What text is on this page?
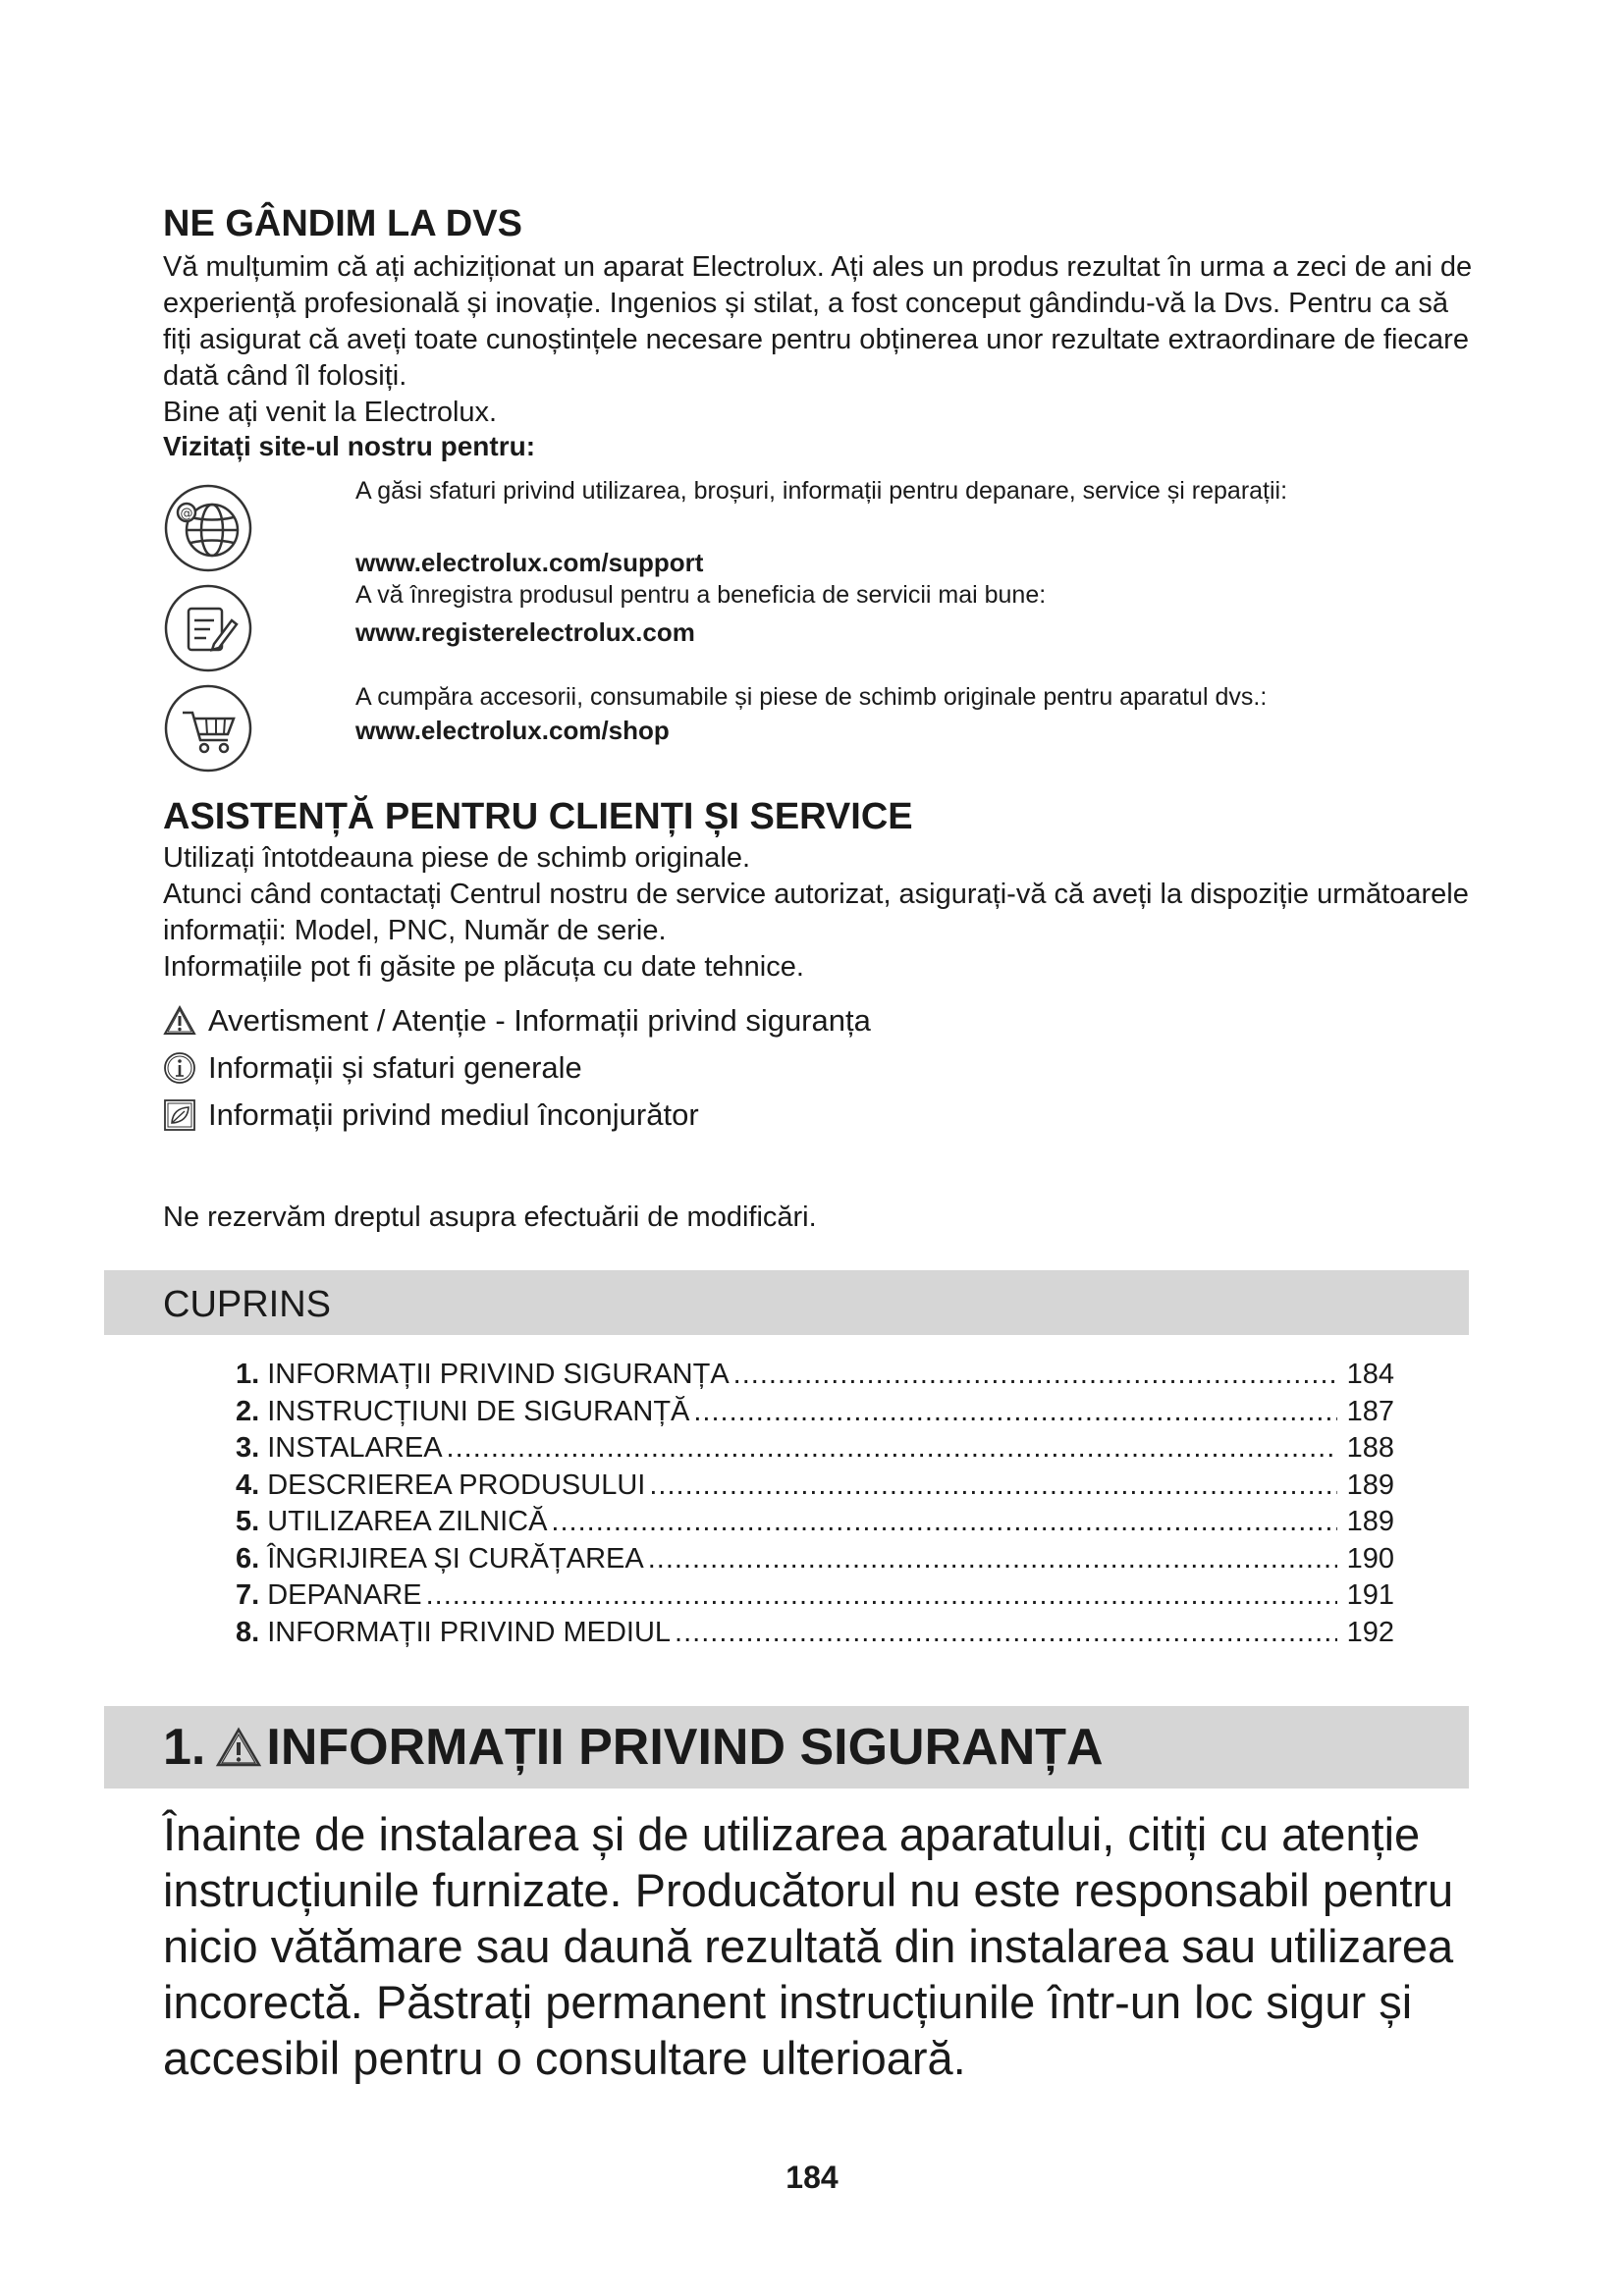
NE GÂNDIM LA DVS

Vă mulțumim că ați achiziționat un aparat Electrolux. Ați ales un produs rezultat în urma a zeci de ani de experiență profesională și inovație. Ingenios și stilat, a fost conceput gândindu-vă la Dvs. Pentru ca să fiți asigurat că aveți toate cunoștințele necesare pentru obținerea unor rezultate extraordinare de fiecare dată când îl folosiți.

Bine ați venit la Electrolux.

Vizitați site-ul nostru pentru:
@
A găsi sfaturi privind utilizarea, broșuri, informații pentru depanare, service și reparații:
www.electrolux.com/support
A vă înregistra produsul pentru a beneficia de servicii mai bune:
www.registerelectrolux.com
A cumpăra accesorii, consumabile și piese de schimb originale pentru aparatul dvs.:
www.electrolux.com/shop
ASISTENȚĂ PENTRU CLIENȚI ȘI SERVICE

Utilizați întotdeauna piese de schimb originale.

Atunci când contactați Centrul nostru de service autorizat, asigurați-vă că aveți la dispoziție următoarele informații: Model, PNC, Număr de serie.

Informațiile pot fi găsite pe plăcuța cu date tehnice.

Avertisment / Atenție - Informații privind siguranța
Informații și sfaturi generale
Informații privind mediul înconjurător

Ne rezervăm dreptul asupra efectuării de modificări.

CUPRINS
1. INFORMAȚII PRIVIND SIGURANȚA .....	184
2. INSTRUCȚIUNI DE SIGURANȚĂ .....	187
3. INSTALAREA .....	188
4. DESCRIEREA PRODUSULUI .....	189
5. UTILIZAREA ZILNICĂ .....	189
6. ÎNGRIJIREA ȘI CURĂȚAREA .....	190
7. DEPANARE .....	191
8. INFORMAȚII PRIVIND MEDIUL .....	192
1. INFORMAȚII PRIVIND SIGURANȚA

Înainte de instalarea și de utilizarea aparatului, citiți cu atenție instrucțiunile furnizate. Producătorul nu este responsabil pentru nicio vătămare sau daună rezultată din instalarea sau utilizarea incorectă. Păstrați permanent instrucțiunile într-un loc sigur și accesibil pentru o consultare ulterioară.

184
